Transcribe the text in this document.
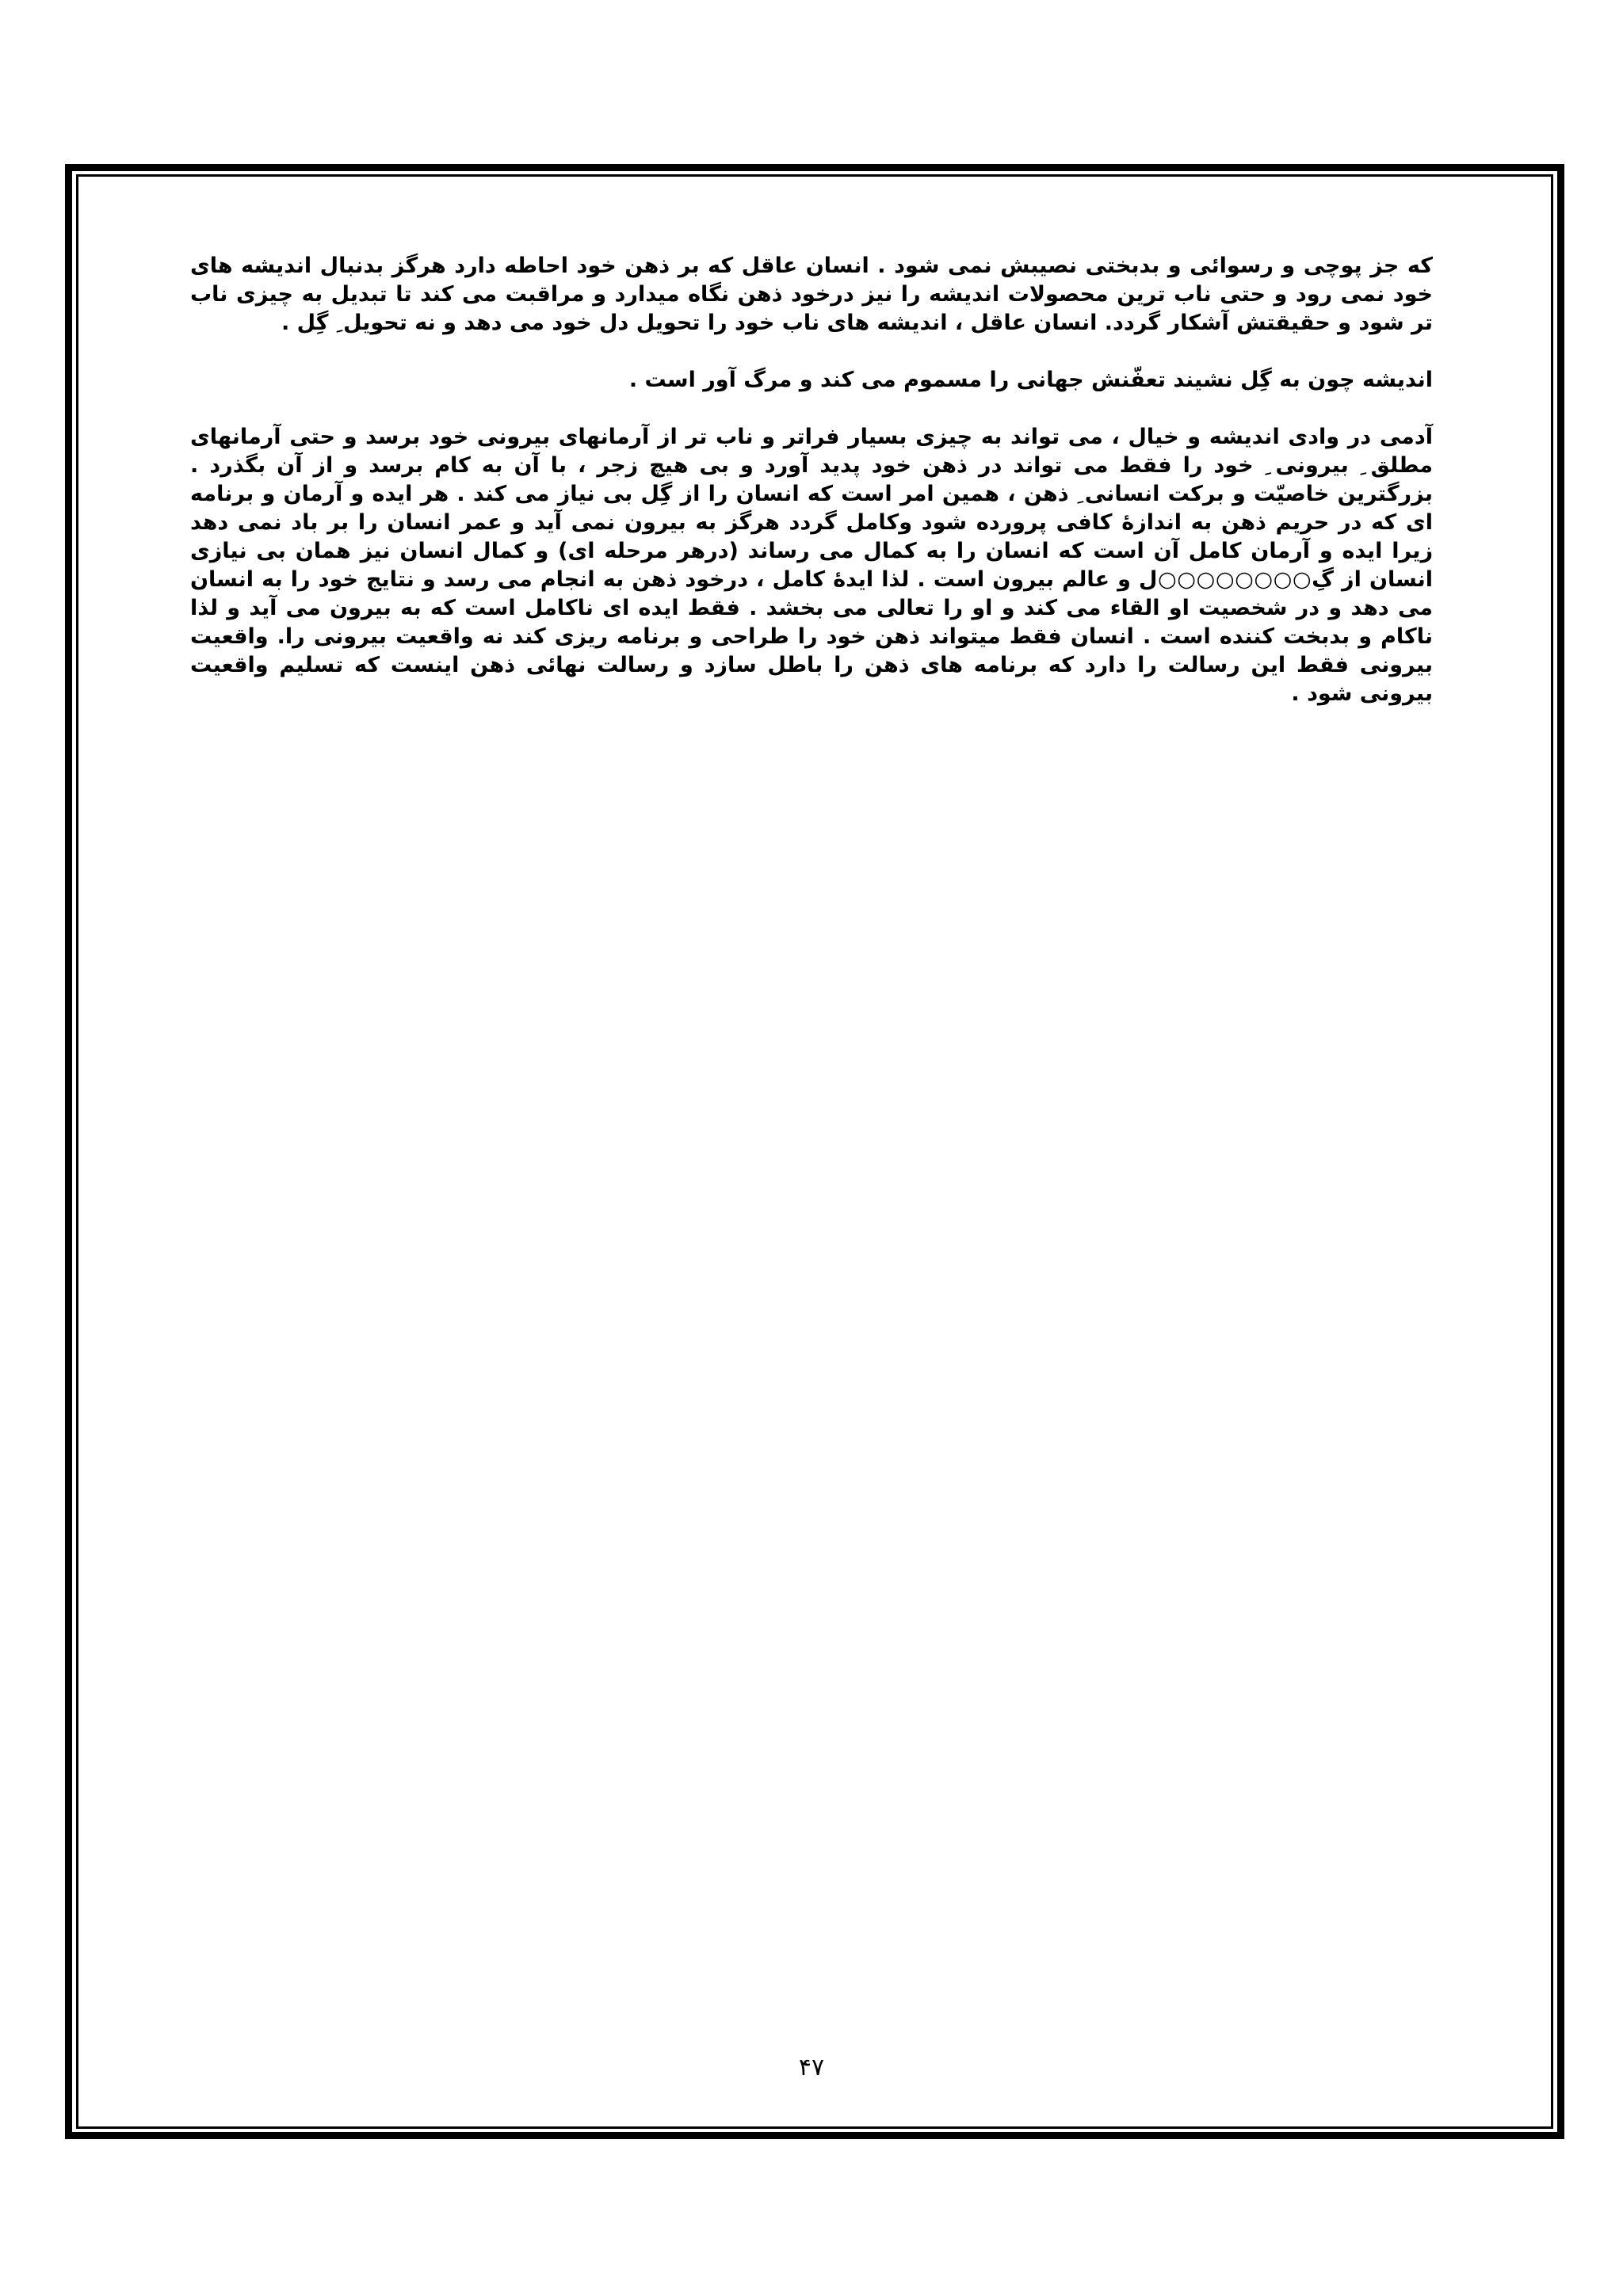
که جز پوچی و رسوائی و بدبختی نصیبش نمی شود . انسان عاقل که بر ذهن خود احاطه دارد هرگز بدنبال اندیشه های خود نمی رود و حتی ناب ترین محصولات اندیشه را نیز درخود ذهن نگاه میدارد و مراقبت می کند تا تبدیل به چیزی ناب تر شود و حقیقتش آشکار گردد. انسان عاقل ، اندیشه های ناب خود را تحویل دل خود می دهد و نه تحویل ِ گِل .

اندیشه چون به گِل نشیند تعفّنش جهانی را مسموم می کند و مرگ آور است .

آدمی در وادی اندیشه و خیال ، می تواند به چیزی بسیار فراتر و ناب تر از آرمانهای بیرونی خود برسد و حتی آرمانهای مطلق ِ بیرونی ِ خود را فقط می تواند در ذهن خود پدید آورد و بی هیچ زجر ، با آن به کام برسد و از آن بگذرد . بزرگترین خاصیّت و برکت انسانی ِ ذهن ، همین امر است که انسان را از گِل بی نیاز می کند . هر ایده و آرمان و برنامه ای که در حریم ذهن به اندازهٔ کافی پرورده شود وکامل گردد هرگز به بیرون نمی آید و عمر انسان را بر باد نمی دهد زیرا ایده و آرمان کامل آن است که انسان را به کمال می رساند (درهر مرحله ای) و کمال انسان نیز همان بی نیازی انسان از گِ○○○○○○○○ل و عالم بیرون است . لذا ایدهٔ کامل ، درخود ذهن به انجام می رسد و نتایج خود را به انسان می دهد و در شخصیت او القاء می کند و او را تعالی می بخشد . فقط ایده ای ناکامل است که به بیرون می آید و لذا ناکام و بدبخت کننده است . انسان فقط میتواند ذهن خود را طراحی و برنامه ریزی کند نه واقعیت بیرونی را. واقعیت بیرونی فقط این رسالت را دارد که برنامه های ذهن را باطل سازد و رسالت نهائی ذهن اینست که تسلیم واقعیت بیرونی شود .

۴۷
